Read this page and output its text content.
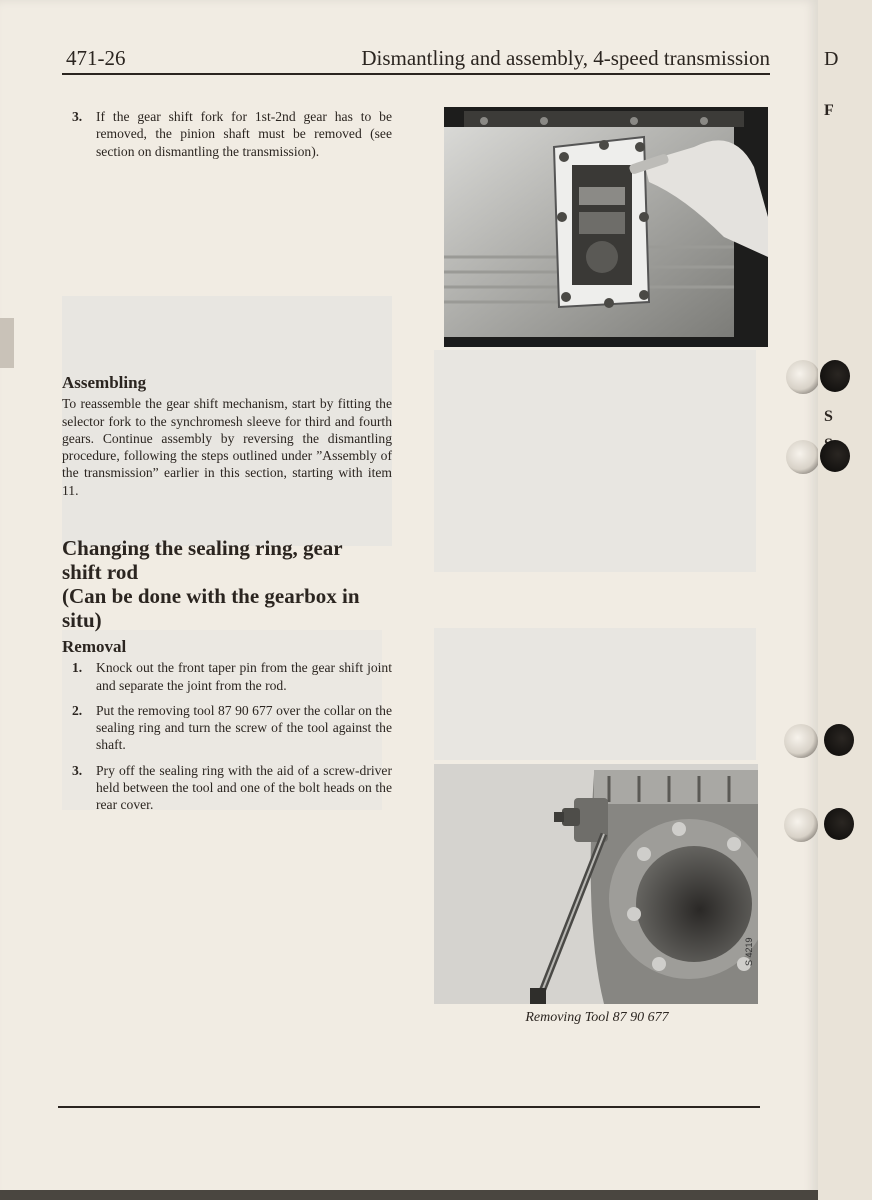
471-26	Dismantling and assembly, 4-speed transmission
3. If the gear shift fork for 1st-2nd gear has to be removed, the pinion shaft must be removed (see section on dismantling the transmission).
Assembling

To reassemble the gear shift mechanism, start by fitting the selector fork to the synchromesh sleeve for third and fourth gears. Continue assembly by reversing the dismantling procedure, following the steps outlined under ”Assembly of the transmission” earlier in this section, starting with item 11.

Changing the sealing ring, gear
shift rod
(Can be done with the gearbox in
situ)
Removal
1. Knock out the front taper pin from the gear shift joint and separate the joint from the rod.
2. Put the removing tool 87 90 677 over the collar on the sealing ring and turn the screw of the tool against the shaft.
3. Pry off the sealing ring with the aid of a screw-driver held between the tool and one of the bolt heads on the rear cover.
S 4219
Removing Tool 87 90 677
D
F
S
